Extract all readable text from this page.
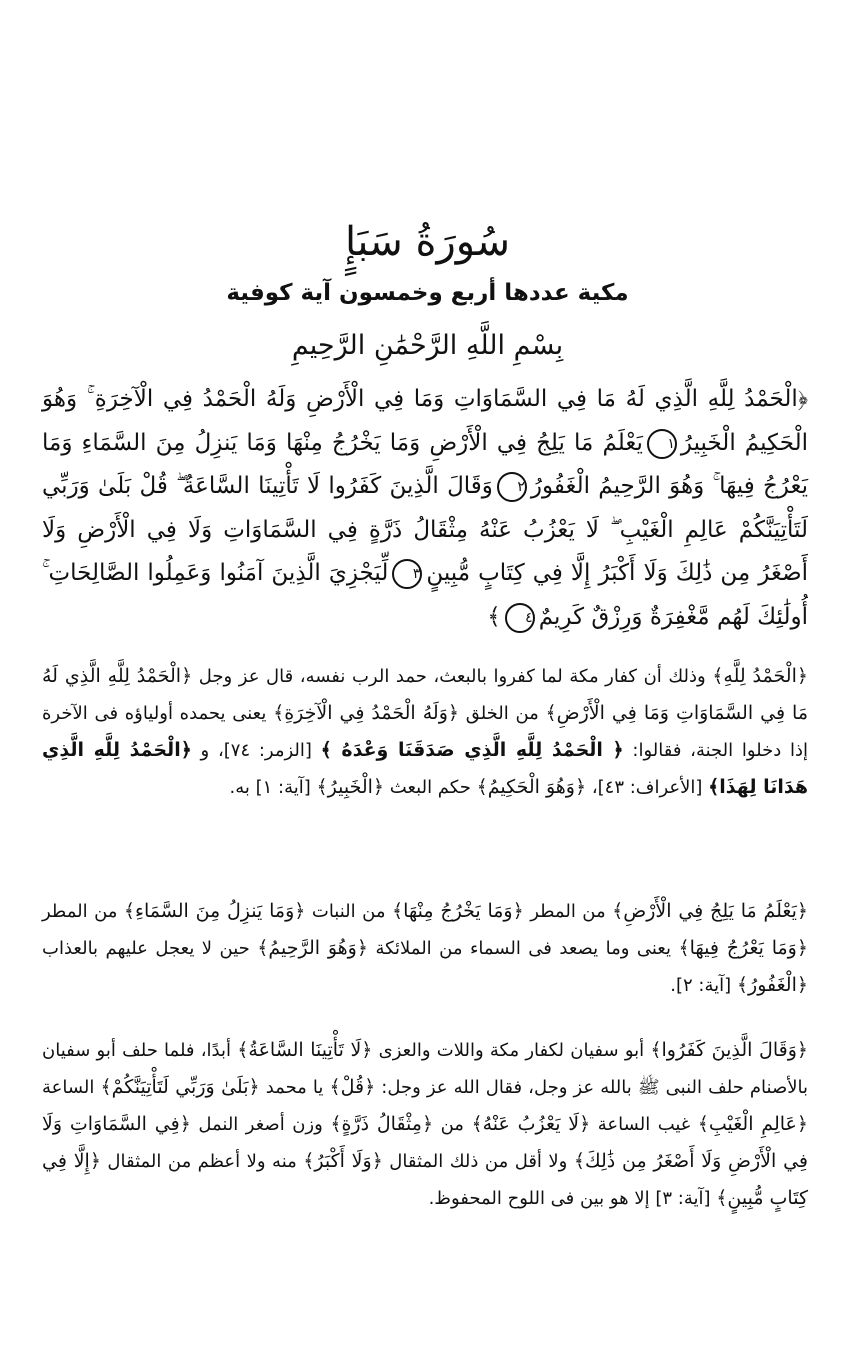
سُورَةُ سَبَإٍ
مكية عددها أربع وخمسون آية كوفية
بِسْمِ اللَّهِ الرَّحْمَٰنِ الرَّحِيمِ
﴿الْحَمْدُ لِلَّهِ الَّذِي لَهُ مَا فِي السَّمَاوَاتِ وَمَا فِي الْأَرْضِ وَلَهُ الْحَمْدُ فِي الْآخِرَةِ ۚ وَهُوَ الْحَكِيمُ الْخَبِيرُ١يَعْلَمُ مَا يَلِجُ فِي الْأَرْضِ وَمَا يَخْرُجُ مِنْهَا وَمَا يَنزِلُ مِنَ السَّمَاءِ وَمَا يَعْرُجُ فِيهَا ۚ وَهُوَ الرَّحِيمُ الْغَفُورُ٢وَقَالَ الَّذِينَ كَفَرُوا لَا تَأْتِينَا السَّاعَةُ ۖ قُلْ بَلَىٰ وَرَبِّي لَتَأْتِيَنَّكُمْ عَالِمِ الْغَيْبِ ۖ لَا يَعْزُبُ عَنْهُ مِثْقَالُ ذَرَّةٍ فِي السَّمَاوَاتِ وَلَا فِي الْأَرْضِ وَلَا أَصْغَرُ مِن ذَٰلِكَ وَلَا أَكْبَرُ إِلَّا فِي كِتَابٍ مُّبِينٍ٣لِّيَجْزِيَ الَّذِينَ آمَنُوا وَعَمِلُوا الصَّالِحَاتِ ۚ أُولَٰئِكَ لَهُم مَّغْفِرَةٌ وَرِزْقٌ كَرِيمٌ٤﴾
﴿الْحَمْدُ لِلَّهِ﴾ وذلك أن كفار مكة لما كفروا بالبعث، حمد الرب نفسه، قال عز وجل ﴿الْحَمْدُ لِلَّهِ الَّذِي لَهُ مَا فِي السَّمَاوَاتِ وَمَا فِي الْأَرْضِ﴾ من الخلق ﴿وَلَهُ الْحَمْدُ فِي الْآخِرَةِ﴾ يعنى يحمده أولياؤه فى الآخرة إذا دخلوا الجنة، فقالوا: ﴿ الْحَمْدُ لِلَّهِ الَّذِي صَدَقَنَا وَعْدَهُ ﴾ [الزمر: ٧٤]، و ﴿الْحَمْدُ لِلَّهِ الَّذِي هَدَانَا لِهَذَا﴾ [الأعراف: ٤٣]، ﴿وَهُوَ الْحَكِيمُ﴾ حكم البعث ﴿الْخَبِيرُ﴾ [آية: ١] به.
﴿يَعْلَمُ مَا يَلِجُ فِي الْأَرْضِ﴾ من المطر ﴿وَمَا يَخْرُجُ مِنْهَا﴾ من النبات ﴿وَمَا يَنزِلُ مِنَ السَّمَاءِ﴾ من المطر ﴿وَمَا يَعْرُجُ فِيهَا﴾ يعنى وما يصعد فى السماء من الملائكة ﴿وَهُوَ الرَّحِيمُ﴾ حين لا يعجل عليهم بالعذاب ﴿الْغَفُورُ﴾ [آية: ٢].
﴿وَقَالَ الَّذِينَ كَفَرُوا﴾ أبو سفيان لكفار مكة واللات والعزى ﴿لَا تَأْتِينَا السَّاعَةُ﴾ أبدًا، فلما حلف أبو سفيان بالأصنام حلف النبى ﷺ بالله عز وجل، فقال الله عز وجل: ﴿قُلْ﴾ يا محمد ﴿بَلَىٰ وَرَبِّي لَتَأْتِيَنَّكُمْ﴾ الساعة ﴿عَالِمِ الْغَيْبِ﴾ غيب الساعة ﴿لَا يَعْزُبُ عَنْهُ﴾ من ﴿مِثْقَالُ ذَرَّةٍ﴾ وزن أصغر النمل ﴿فِي السَّمَاوَاتِ وَلَا فِي الْأَرْضِ وَلَا أَصْغَرُ مِن ذَٰلِكَ﴾ ولا أقل من ذلك المثقال ﴿وَلَا أَكْبَرُ﴾ منه ولا أعظم من المثقال ﴿إِلَّا فِي كِتَابٍ مُّبِينٍ﴾ [آية: ٣] إلا هو بين فى اللوح المحفوظ.
